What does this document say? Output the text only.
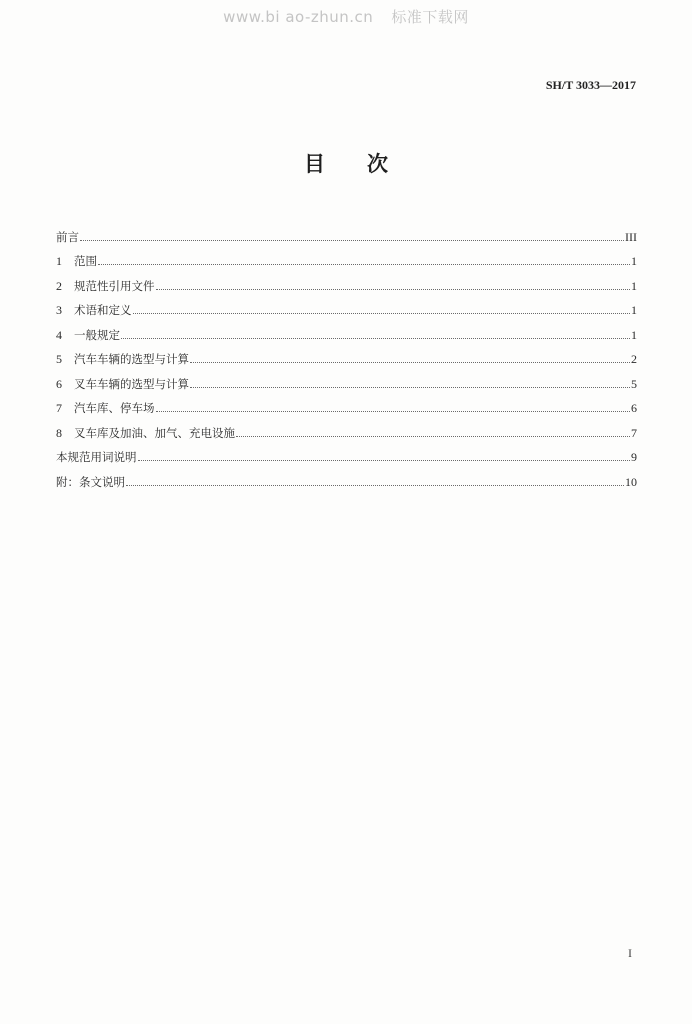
www.bi ao-zhun.cn 标准下载网
SH/T 3033—2017
目次
前言	III
1	范围	1
2	规范性引用文件	1
3	术语和定义	1
4	一般规定	1
5	汽车车辆的选型与计算	2
6	叉车车辆的选型与计算	5
7	汽车库、停车场	6
8	叉车库及加油、加气、充电设施	7
本规范用词说明	9
附：条文说明	10
I
